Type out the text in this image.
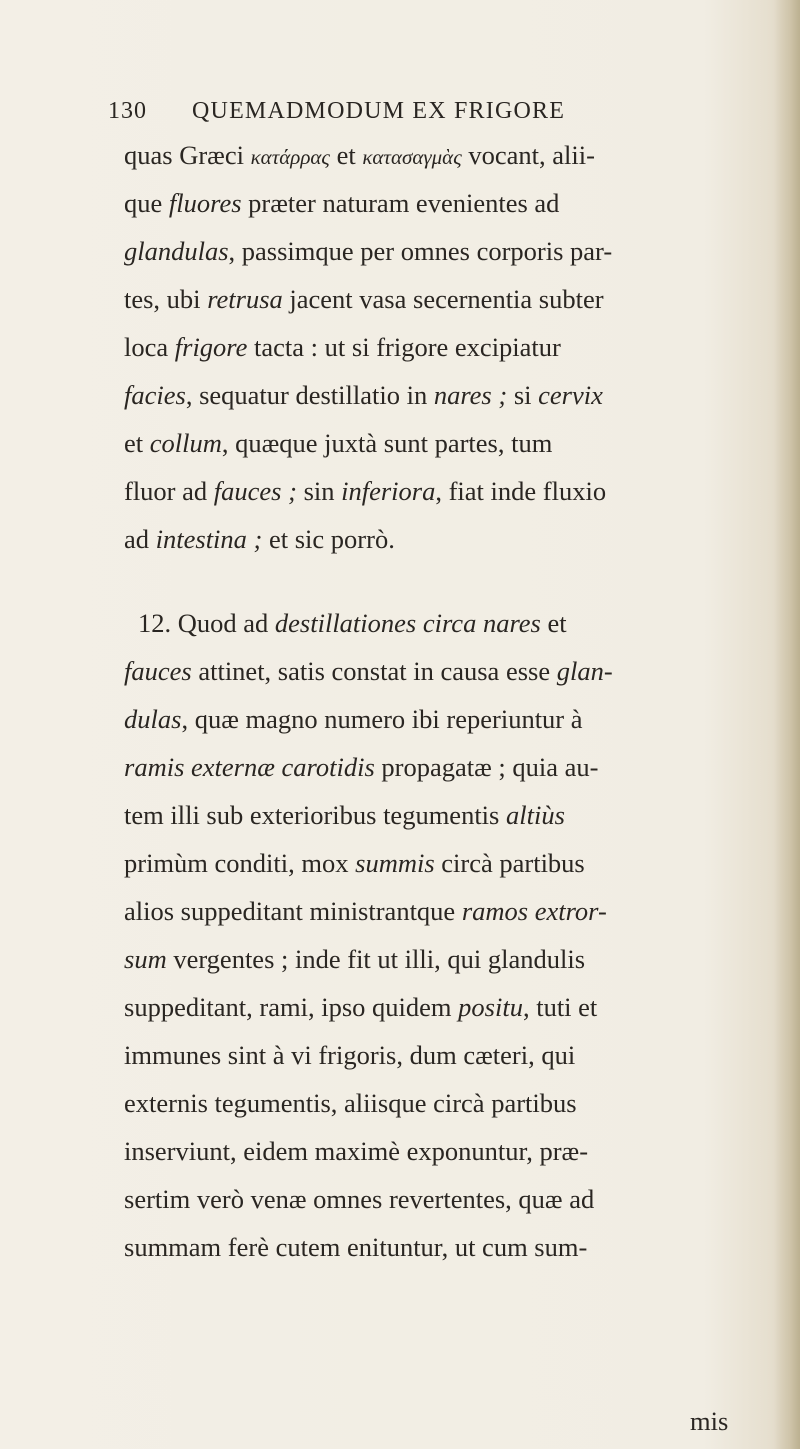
130 QUEMADMODUM EX FRIGORE
quas Græci κατάρρας et κατασαγμὰς vocant, alii-
que fluores præter naturam evenientes ad
glandulas, passimque per omnes corporis par-
tes, ubi retrusa jacent vasa secernentia subter
loca frigore tacta : ut si frigore excipiatur
facies, sequatur destillatio in nares ; si cervix
et collum, quæque juxtà sunt partes, tum
fluor ad fauces ; sin inferiora, fiat inde fluxio
ad intestina ; et sic porrò.
12. Quod ad destillationes circa nares et
fauces attinet, satis constat in causa esse glan-
dulas, quæ magno numero ibi reperiuntur à
ramis externæ carotidis propagatæ ; quia au-
tem illi sub exterioribus tegumentis altiùs
primùm conditi, mox summis circà partibus
alios suppeditant ministrantque ramos extror-
sum vergentes ; inde fit ut illi, qui glandulis
suppeditant, rami, ipso quidem positu, tuti et
immunes sint à vi frigoris, dum cæteri, qui
externis tegumentis, aliisque circà partibus
inserviunt, eidem maximè exponuntur, præ-
sertim verò venæ omnes revertentes, quæ ad
summam ferè cutem enituntur, ut cum sum-
mis
